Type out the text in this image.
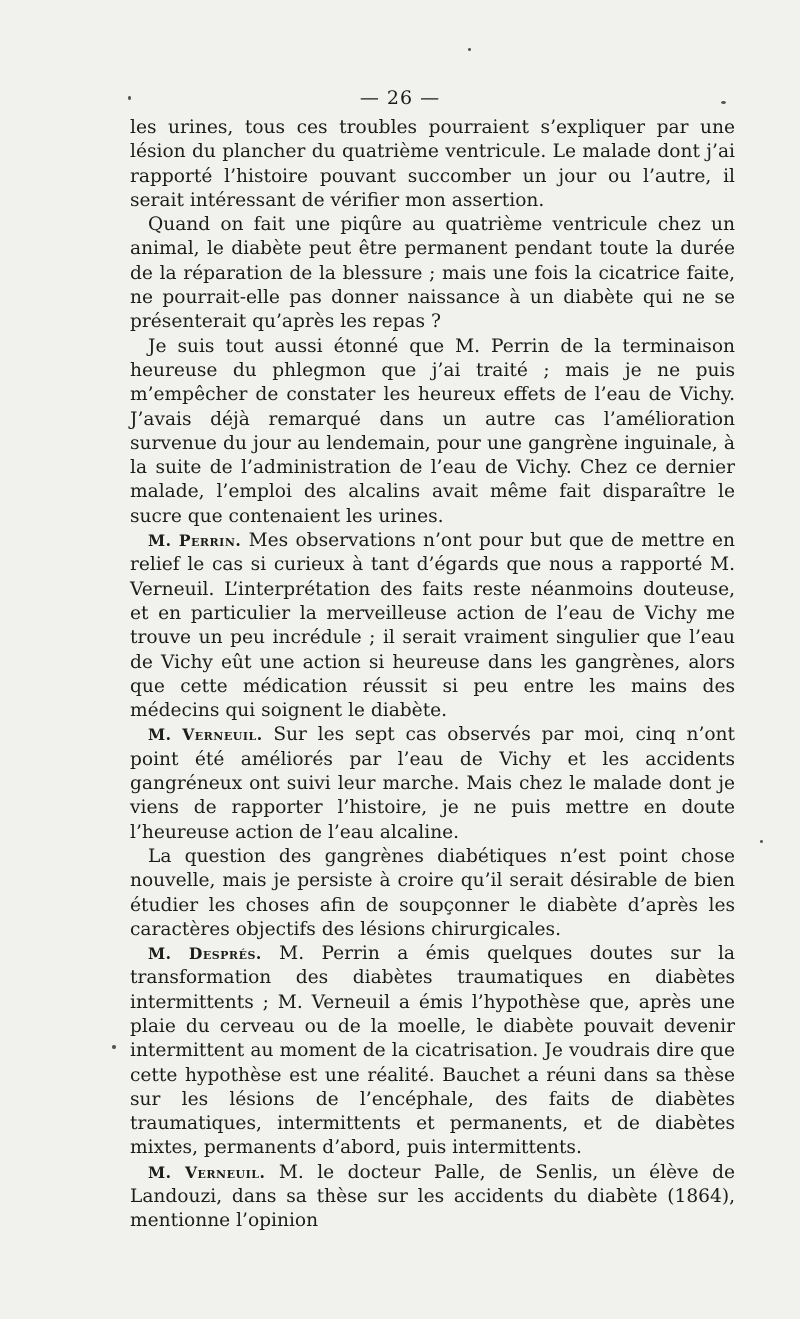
— 26 —

les urines, tous ces troubles pourraient s’expliquer par une lésion du plancher du quatrième ventricule. Le malade dont j’ai rapporté l’histoire pouvant succomber un jour ou l’autre, il serait intéressant de vérifier mon assertion.

Quand on fait une piqûre au quatrième ventricule chez un animal, le diabète peut être permanent pendant toute la durée de la réparation de la blessure ; mais une fois la cicatrice faite, ne pourrait-elle pas donner naissance à un diabète qui ne se présenterait qu’après les repas ?

Je suis tout aussi étonné que M. Perrin de la terminaison heureuse du phlegmon que j’ai traité ; mais je ne puis m’empêcher de constater les heureux effets de l’eau de Vichy. J’avais déjà remarqué dans un autre cas l’amélioration survenue du jour au lendemain, pour une gangrène inguinale, à la suite de l’administration de l’eau de Vichy. Chez ce dernier malade, l’emploi des alcalins avait même fait disparaître le sucre que contenaient les urines.

M. Perrin. Mes observations n’ont pour but que de mettre en relief le cas si curieux à tant d’égards que nous a rapporté M. Verneuil. L’interprétation des faits reste néanmoins douteuse, et en particulier la merveilleuse action de l’eau de Vichy me trouve un peu incrédule ; il serait vraiment singulier que l’eau de Vichy eût une action si heureuse dans les gangrènes, alors que cette médication réussit si peu entre les mains des médecins qui soignent le diabète.

M. Verneuil. Sur les sept cas observés par moi, cinq n’ont point été améliorés par l’eau de Vichy et les accidents gangréneux ont suivi leur marche. Mais chez le malade dont je viens de rapporter l’histoire, je ne puis mettre en doute l’heureuse action de l’eau alcaline.

La question des gangrènes diabétiques n’est point chose nouvelle, mais je persiste à croire qu’il serait désirable de bien étudier les choses afin de soupçonner le diabète d’après les caractères objectifs des lésions chirurgicales.

M. Després. M. Perrin a émis quelques doutes sur la transformation des diabètes traumatiques en diabètes intermittents ; M. Verneuil a émis l’hypothèse que, après une plaie du cerveau ou de la moelle, le diabète pouvait devenir intermittent au moment de la cicatrisation. Je voudrais dire que cette hypothèse est une réalité. Bauchet a réuni dans sa thèse sur les lésions de l’encéphale, des faits de diabètes traumatiques, intermittents et permanents, et de diabètes mixtes, permanents d’abord, puis intermittents.

M. Verneuil. M. le docteur Palle, de Senlis, un élève de Landouzi, dans sa thèse sur les accidents du diabète (1864), mentionne l’opinion
